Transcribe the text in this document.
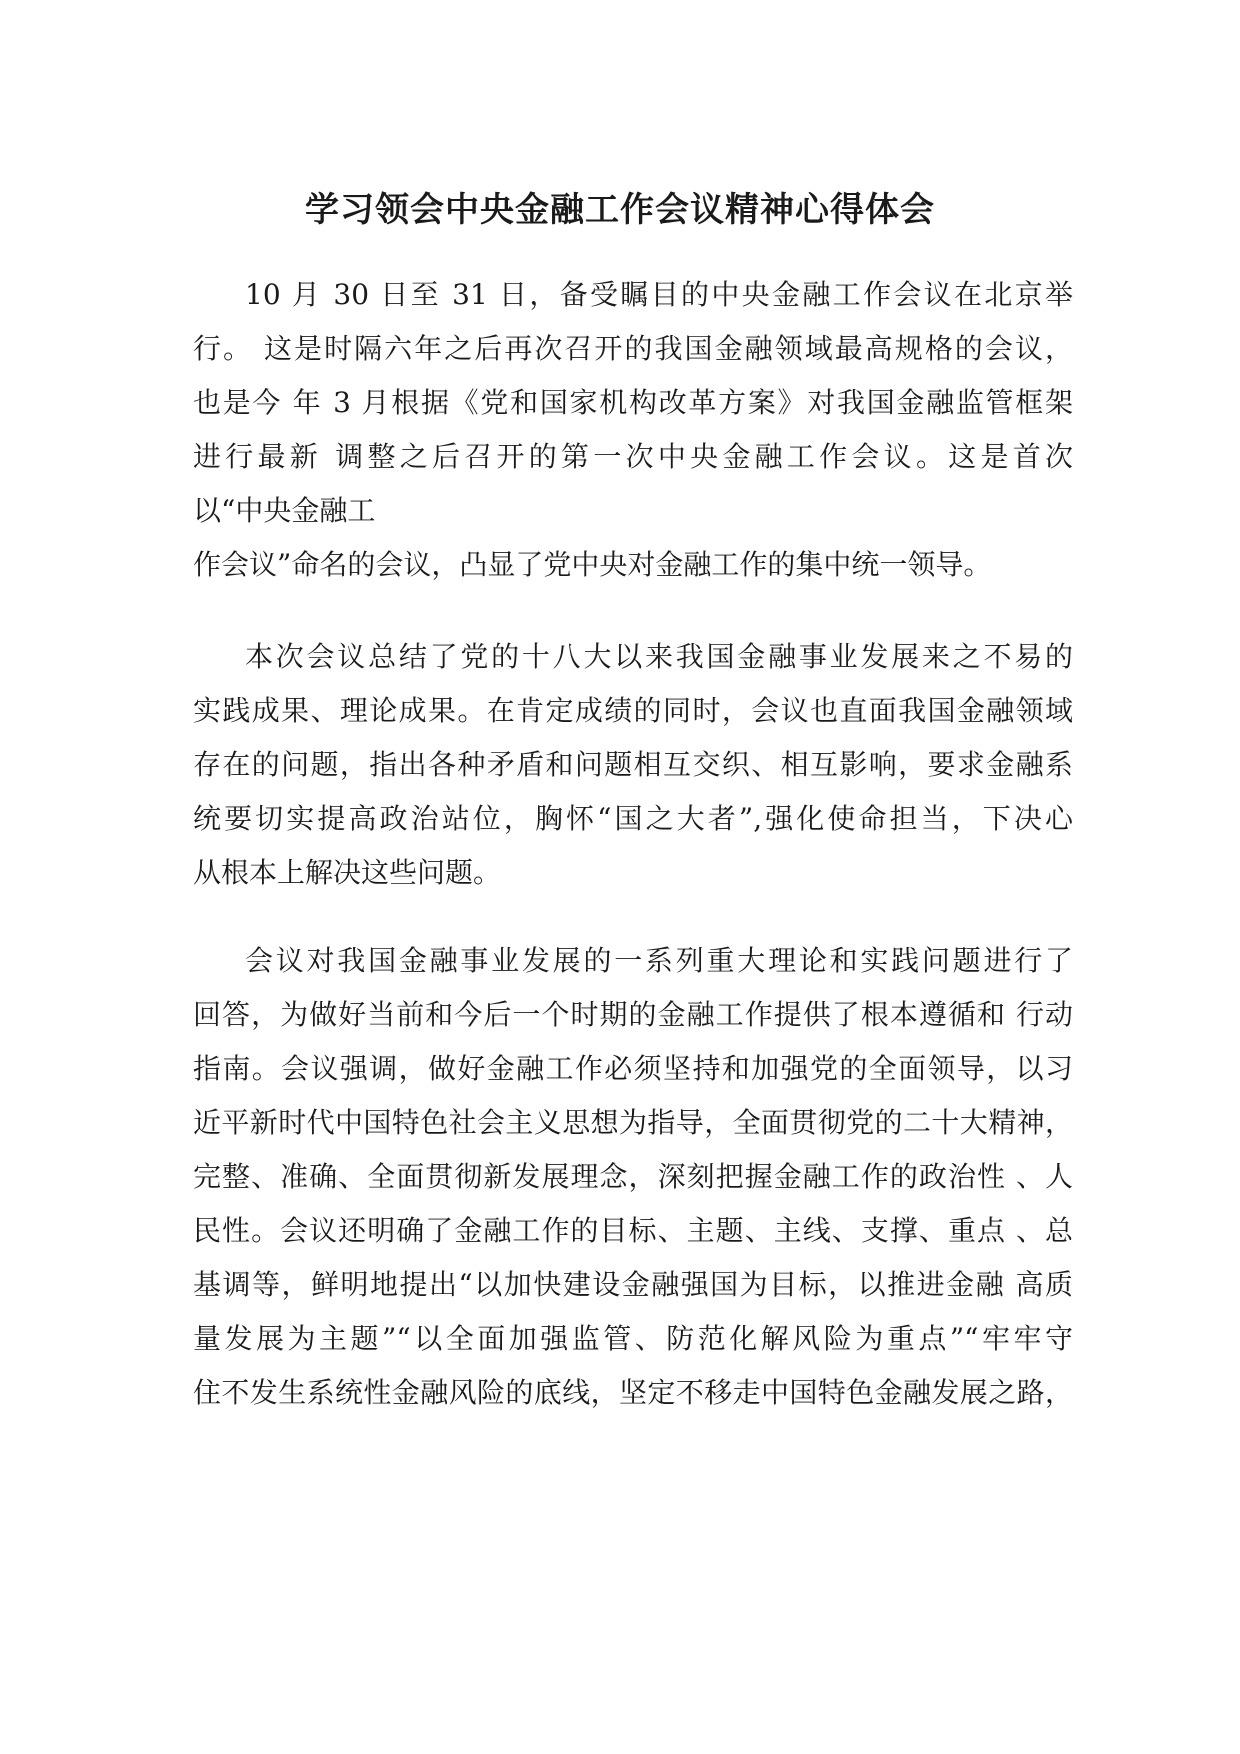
学习领会中央金融工作会议精神心得体会
10 月 30 日至 31 日，备受瞩目的中央金融工作会议在北京举
行。 这是时隔六年之后再次召开的我国金融领域最高规格的会议，
也是今 年 3 月根据《党和国家机构改革方案》对我国金融监管框架
进行最新 调整之后召开的第一次中央金融工作会议。这是首次
以“中央金融工
作会议”命名的会议，凸显了党中央对金融工作的集中统一领导。
本次会议总结了党的十八大以来我国金融事业发展来之不易的
实践成果、理论成果。在肯定成绩的同时，会议也直面我国金融领域
存在的问题，指出各种矛盾和问题相互交织、相互影响，要求金融系
统要切实提高政治站位，胸怀“国之大者”,强化使命担当，下决心
从根本上解决这些问题。
会议对我国金融事业发展的一系列重大理论和实践问题进行了
回答，为做好当前和今后一个时期的金融工作提供了根本遵循和 行动
指南。会议强调，做好金融工作必须坚持和加强党的全面领导，以习
近平新时代中国特色社会主义思想为指导，全面贯彻党的二十大精神，
完整、准确、全面贯彻新发展理念，深刻把握金融工作的政治性 、人
民性。会议还明确了金融工作的目标、主题、主线、支撑、重点 、总
基调等，鲜明地提出“以加快建设金融强国为目标，以推进金融 高质
量发展为主题”“以全面加强监管、防范化解风险为重点”“牢牢守
住不发生系统性金融风险的底线，坚定不移走中国特色金融发展之路，
